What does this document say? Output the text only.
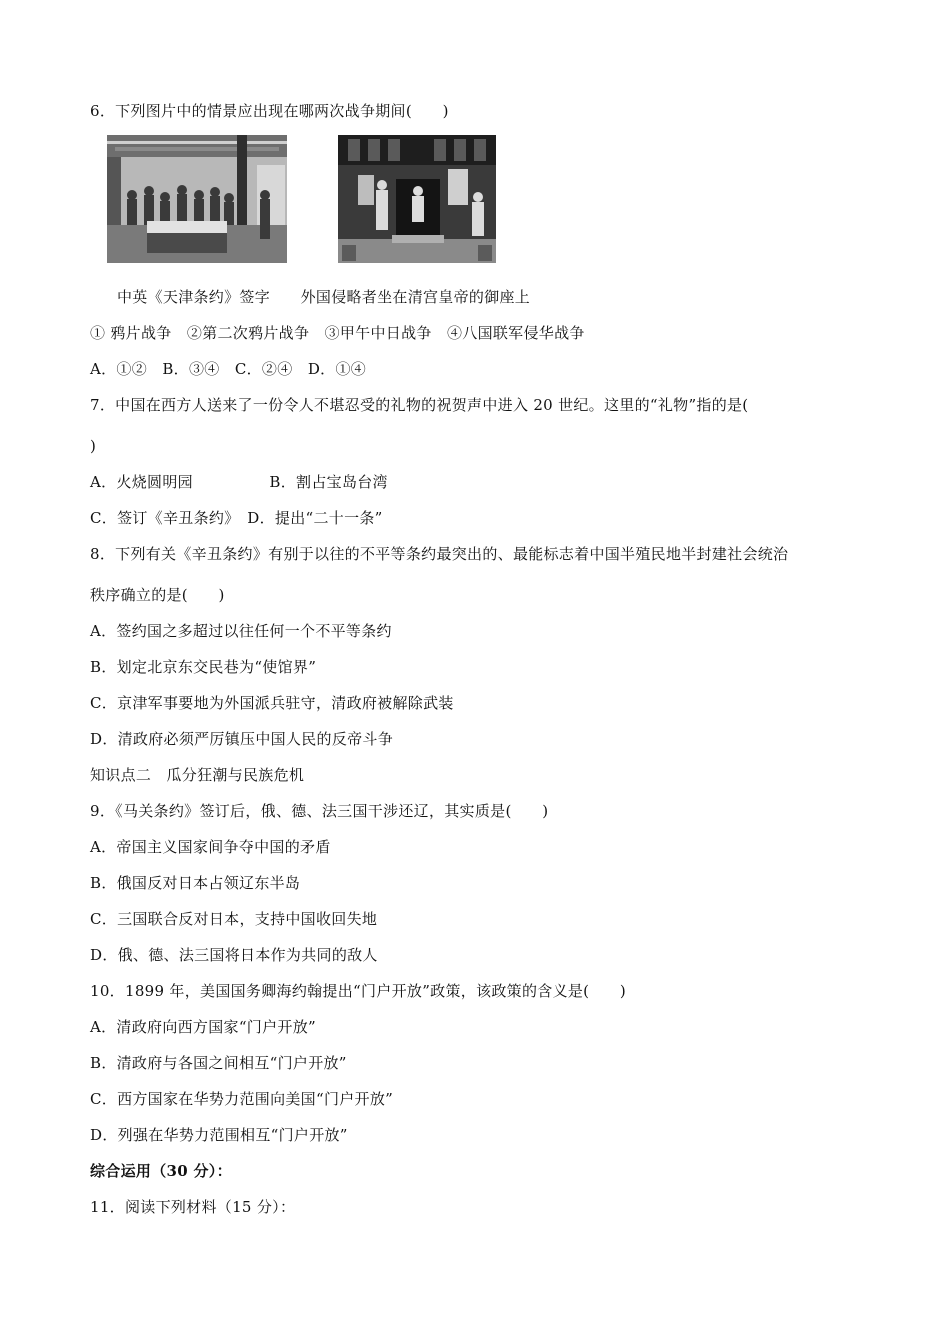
6．下列图片中的情景应出现在哪两次战争期间(　　)
中英《天津条约》签字　　外国侵略者坐在清宫皇帝的御座上
① 鸦片战争　②第二次鸦片战争　③甲午中日战争　④八国联军侵华战争
A．①②　B．③④　C．②④　D．①④
7．中国在西方人送来了一份令人不堪忍受的礼物的祝贺声中进入 20 世纪。这里的“礼物”指的是(
)
A．火烧圆明园　　　　　B．割占宝岛台湾
C．签订《辛丑条约》　D．提出“二十一条”
8．下列有关《辛丑条约》有别于以往的不平等条约最突出的、最能标志着中国半殖民地半封建社会统治
秩序确立的是(　　)
A．签约国之多超过以往任何一个不平等条约
B．划定北京东交民巷为“使馆界”
C．京津军事要地为外国派兵驻守，清政府被解除武装
D．清政府必须严厉镇压中国人民的反帝斗争
知识点二　瓜分狂潮与民族危机
9．《马关条约》签订后，俄、德、法三国干涉还辽，其实质是(　　)
A．帝国主义国家间争夺中国的矛盾
B．俄国反对日本占领辽东半岛
C．三国联合反对日本，支持中国收回失地
D．俄、德、法三国将日本作为共同的敌人
10．1899 年，美国国务卿海约翰提出“门户开放”政策，该政策的含义是(　　)
A．清政府向西方国家“门户开放”
B．清政府与各国之间相互“门户开放”
C．西方国家在华势力范围向美国“门户开放”
D．列强在华势力范围相互“门户开放”
综合运用（30 分）：
11．阅读下列材料（15 分）：
